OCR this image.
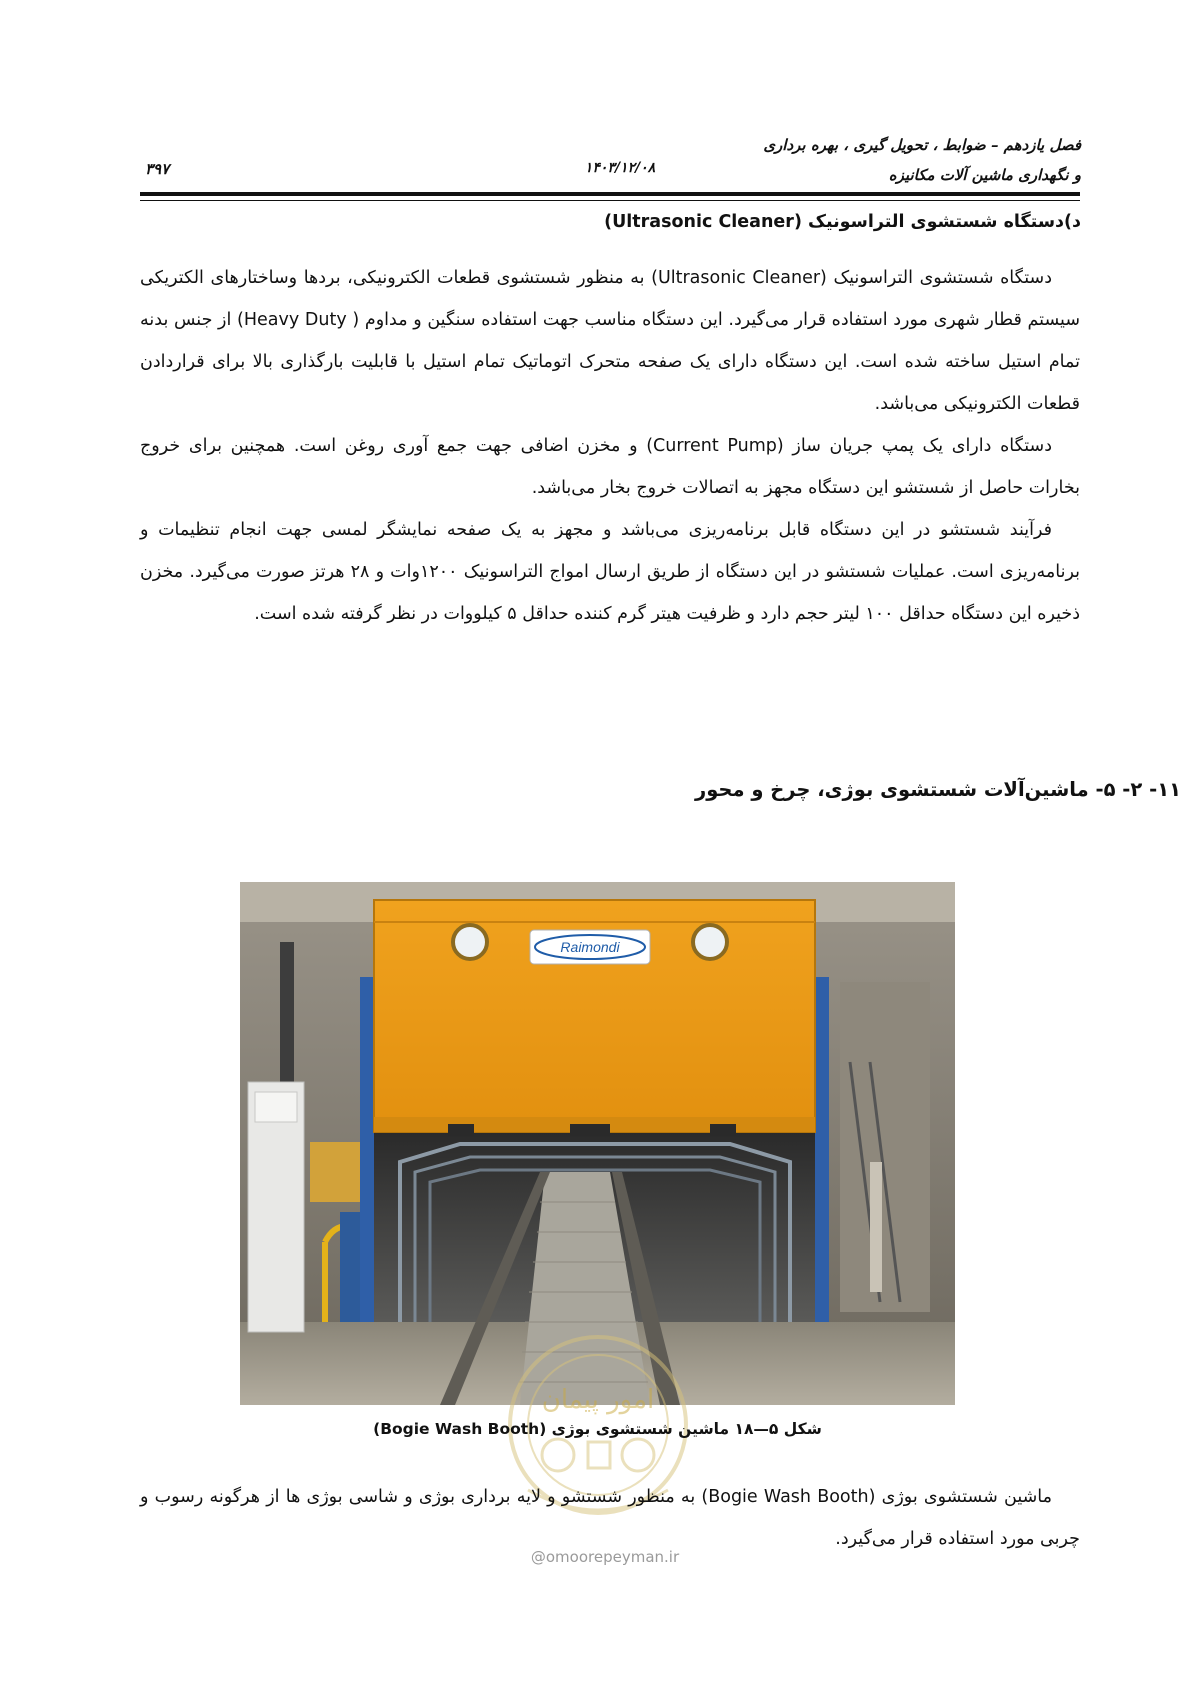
فصل یازدهم – ضوابط ، تحویل گیری ، بهره برداری
و نگهداری ماشین آلات مکانیزه
۱۴۰۳/۱۲/۰۸
۳۹۷
د)دستگاه شستشوی التراسونیک (Ultrasonic Cleaner)

دستگاه شستشوی التراسونیک (Ultrasonic Cleaner) به منظور شستشوی قطعات الکترونیکی، بردها وساختارهای الکتریکی سیستم قطار شهری مورد استفاده قرار می‌گیرد. این دستگاه مناسب جهت استفاده سنگین و مداوم ( Heavy Duty) از جنس بدنه تمام استیل ساخته شده است. این دستگاه دارای یک صفحه متحرک اتوماتیک تمام استیل با قابلیت بارگذاری بالا برای قراردادن قطعات الکترونیکی می‌باشد.

دستگاه دارای یک پمپ جریان ساز (Current Pump) و مخزن اضافی جهت جمع آوری روغن است. همچنین برای خروج بخارات حاصل از شستشو این دستگاه مجهز به اتصالات خروج بخار می‌باشد.

فرآیند شستشو در این دستگاه قابل برنامه‌ریزی می‌باشد و مجهز به یک صفحه نمایشگر لمسی جهت انجام تنظیمات و برنامه‌ریزی است. عملیات شستشو در این دستگاه از طریق ارسال امواج التراسونیک ۱۲۰۰وات و ۲۸ هرتز صورت می‌گیرد. مخزن ذخیره این دستگاه حداقل ۱۰۰ لیتر حجم دارد و ظرفیت هیتر گرم کننده حداقل ۵ کیلووات در نظر گرفته شده است.

۱۱- ۲- ۵- ماشین‌آلات شستشوی بوژی، چرخ و محور
Raimondi
امور پیمان
شکل ۵—۱۸ ماشین شستشوی بوژی (Bogie Wash Booth)

ماشین شستشوی بوژی (Bogie Wash Booth) به منظور شستشو و لایه برداری بوژی و شاسی بوژی ها از هرگونه رسوب و چربی مورد استفاده قرار می‌گیرد.

@omoorepeyman.ir
